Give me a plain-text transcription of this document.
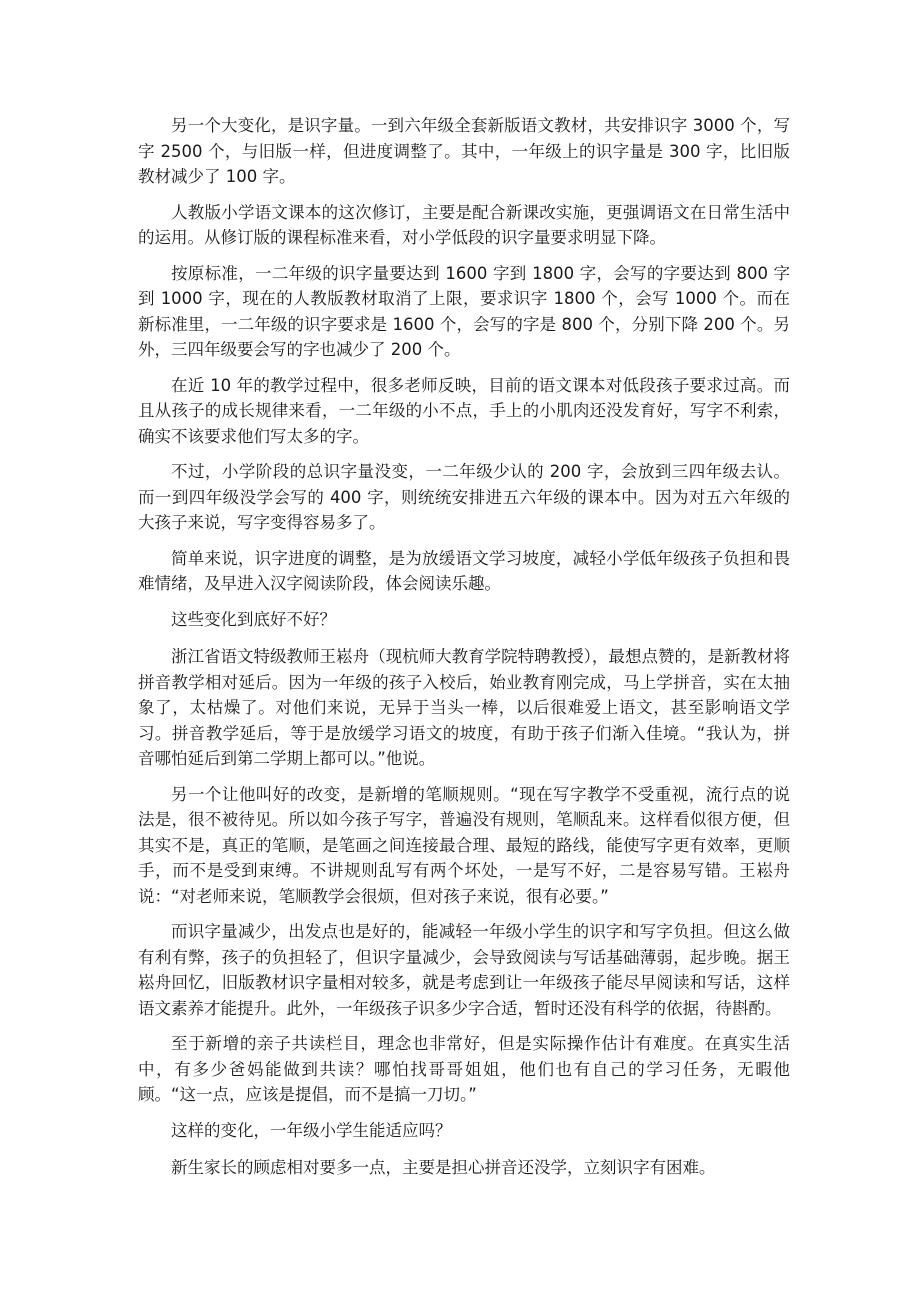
另一个大变化，是识字量。一到六年级全套新版语文教材，共安排识字 3000 个，写字 2500 个，与旧版一样，但进度调整了。其中，一年级上的识字量是 300 字，比旧版教材减少了 100 字。

人教版小学语文课本的这次修订，主要是配合新课改实施，更强调语文在日常生活中的运用。从修订版的课程标准来看，对小学低段的识字量要求明显下降。

按原标准，一二年级的识字量要达到 1600 字到 1800 字，会写的字要达到 800 字到 1000 字，现在的人教版教材取消了上限，要求识字 1800 个，会写 1000 个。而在新标准里，一二年级的识字要求是 1600 个，会写的字是 800 个，分别下降 200 个。另外，三四年级要会写的字也减少了 200 个。

在近 10 年的教学过程中，很多老师反映，目前的语文课本对低段孩子要求过高。而且从孩子的成长规律来看，一二年级的小不点，手上的小肌肉还没发育好，写字不利索，确实不该要求他们写太多的字。

不过，小学阶段的总识字量没变，一二年级少认的 200 字，会放到三四年级去认。而一到四年级没学会写的 400 字，则统统安排进五六年级的课本中。因为对五六年级的大孩子来说，写字变得容易多了。

简单来说，识字进度的调整，是为放缓语文学习坡度，减轻小学低年级孩子负担和畏难情绪，及早进入汉字阅读阶段，体会阅读乐趣。

这些变化到底好不好？

浙江省语文特级教师王崧舟（现杭师大教育学院特聘教授），最想点赞的，是新教材将拼音教学相对延后。因为一年级的孩子入校后，始业教育刚完成，马上学拼音，实在太抽象了，太枯燥了。对他们来说，无异于当头一棒，以后很难爱上语文，甚至影响语文学习。拼音教学延后，等于是放缓学习语文的坡度，有助于孩子们渐入佳境。“我认为，拼音哪怕延后到第二学期上都可以。”他说。

另一个让他叫好的改变，是新增的笔顺规则。“现在写字教学不受重视，流行点的说法是，很不被待见。所以如今孩子写字，普遍没有规则，笔顺乱来。这样看似很方便，但其实不是，真正的笔顺，是笔画之间连接最合理、最短的路线，能使写字更有效率，更顺手，而不是受到束缚。不讲规则乱写有两个坏处，一是写不好，二是容易写错。王崧舟说：“对老师来说，笔顺教学会很烦，但对孩子来说，很有必要。”

而识字量减少，出发点也是好的，能减轻一年级小学生的识字和写字负担。但这么做有利有弊，孩子的负担轻了，但识字量减少，会导致阅读与写话基础薄弱，起步晚。据王崧舟回忆，旧版教材识字量相对较多，就是考虑到让一年级孩子能尽早阅读和写话，这样语文素养才能提升。此外，一年级孩子识多少字合适，暂时还没有科学的依据，待斟酌。

至于新增的亲子共读栏目，理念也非常好，但是实际操作估计有难度。在真实生活中，有多少爸妈能做到共读？哪怕找哥哥姐姐，他们也有自己的学习任务，无暇他顾。“这一点，应该是提倡，而不是搞一刀切。”

这样的变化，一年级小学生能适应吗？

新生家长的顾虑相对要多一点，主要是担心拼音还没学，立刻识字有困难。
